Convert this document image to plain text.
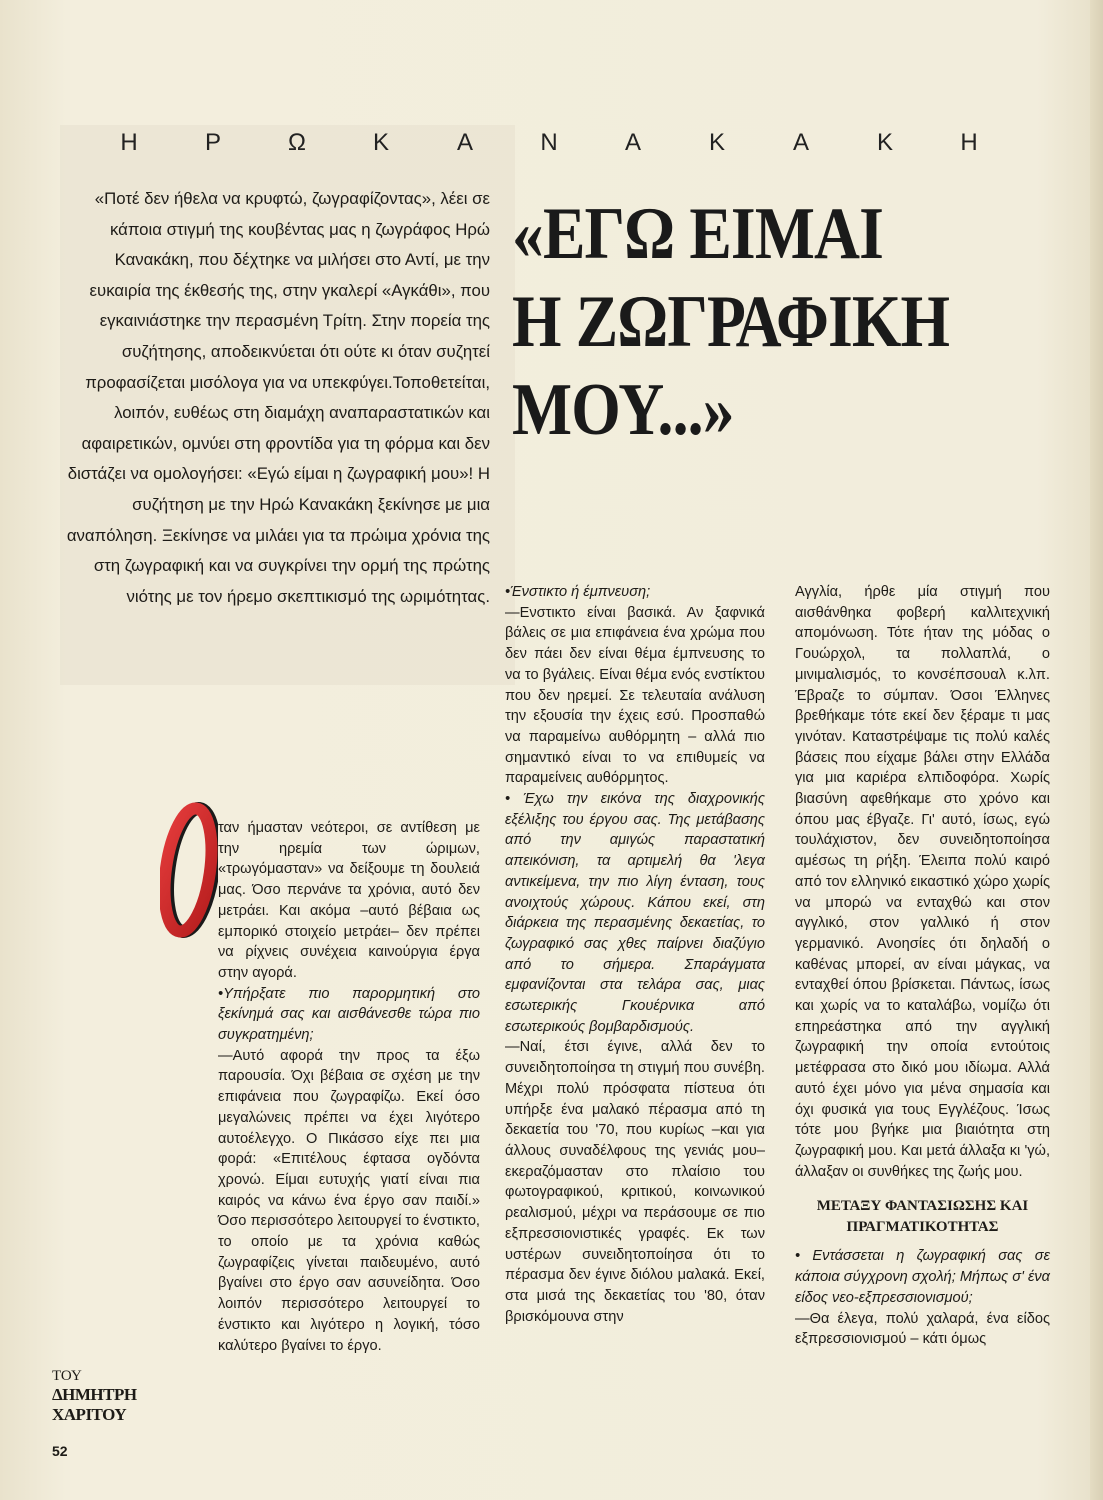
Η	Ρ	Ω	Κ	Α	Ν	Α	Κ	Α	Κ	Η

«Ποτέ δεν ήθελα να κρυφτώ, ζωγραφίζοντας», λέει σε κάποια στιγμή της κουβέντας μας η ζωγράφος Ηρώ Κανακάκη, που δέχτηκε να μιλήσει στο Αντί, με την ευκαιρία της έκθεσής της, στην γκαλερί «Αγκάθι», που εγκαινιάστηκε την περασμένη Τρίτη. Στην πορεία της συζήτησης, αποδεικνύεται ότι ούτε κι όταν συζητεί προφασίζεται μισόλογα για να υπεκφύγει.Τοποθετείται, λοιπόν, ευθέως στη διαμάχη αναπαραστατικών και αφαιρετικών, ομνύει στη φροντίδα για τη φόρμα και δεν διστάζει να ομολογήσει: «Εγώ είμαι η ζωγραφική μου»! Η συζήτηση με την Ηρώ Κανακάκη ξεκίνησε με μια αναπόληση. Ξεκίνησε να μιλάει για τα πρώιμα χρόνια της στη ζωγραφική και να συγκρίνει την ορμή της πρώτης νιότης με τον ήρεμο σκεπτικισμό της ωριμότητας.

«ΕΓΩ ΕΙΜΑΙ
Η ΖΩΓΡΑΦΙΚΗ
ΜΟΥ...»

ταν ήμασταν νεότεροι, σε αντίθεση με την ηρεμία των ώριμων, «τρωγόμασταν» να δείξουμε τη δουλειά μας. Όσο περνάνε τα χρόνια, αυτό δεν μετράει. Και ακόμα –αυτό βέβαια ως εμπορικό στοιχείο μετράει– δεν πρέπει να ρίχνεις συνέχεια καινούργια έργα στην αγορά.

•Υπήρξατε πιο παρορμητική στο ξεκίνημά σας και αισθάνεσθε τώρα πιο συγκρατημένη;

—Αυτό αφορά την προς τα έξω παρουσία. Όχι βέβαια σε σχέση με την επιφάνεια που ζωγραφίζω. Εκεί όσο μεγαλώνεις πρέπει να έχει λιγότερο αυτοέλεγχο. Ο Πικάσσο είχε πει μια φορά: «Επιτέλους έφτασα ογδόντα χρονώ. Είμαι ευτυχής γιατί είναι πια καιρός να κάνω ένα έργο σαν παιδί.» Όσο περισσότερο λειτουργεί το ένστικτο, το οποίο με τα χρόνια καθώς ζωγραφίζεις γίνεται παιδευμένο, αυτό βγαίνει στο έργο σαν ασυνείδητα. Όσο λοιπόν περισσότερο λειτουργεί το ένστικτο και λιγότερο η λογική, τόσο καλύτερο βγαίνει το έργο.

•Ένστικτο ή έμπνευση;

—Ενστικτο είναι βασικά. Αν ξαφνικά βάλεις σε μια επιφάνεια ένα χρώμα που δεν πάει δεν είναι θέμα έμπνευσης το να το βγάλεις. Είναι θέμα ενός ενστίκτου που δεν ηρεμεί. Σε τελευταία ανάλυση την εξουσία την έχεις εσύ. Προσπαθώ να παραμείνω αυθόρμητη – αλλά πιο σημαντικό είναι το να επιθυμείς να παραμείνεις αυθόρμητος.

• Έχω την εικόνα της διαχρονικής εξέλιξης του έργου σας. Της μετάβασης από την αμιγώς παραστατική απεικόνιση, τα αρτιμελή θα 'λεγα αντικείμενα, την πιο λίγη ένταση, τους ανοιχτούς χώρους. Κάπου εκεί, στη διάρκεια της περασμένης δεκαετίας, το ζωγραφικό σας χθες παίρνει διαζύγιο από το σήμερα. Σπαράγματα εμφανίζονται στα τελάρα σας, μιας εσωτερικής Γκουέρνικα από εσωτερικούς βομβαρδισμούς.

—Ναί, έτσι έγινε, αλλά δεν το συνειδητοποίησα τη στιγμή που συνέβη. Μέχρι πολύ πρόσφατα πίστευα ότι υπήρξε ένα μαλακό πέρασμα από τη δεκαετία του '70, που κυρίως –και για άλλους συναδέλφους της γενιάς μου– εκεραζόμασταν στο πλαίσιο του φωτογραφικού, κριτικού, κοινωνικού ρεαλισμού, μέχρι να περάσουμε σε πιο εξπρεσσιονιστικές γραφές. Εκ των υστέρων συνειδητοποίησα ότι το πέρασμα δεν έγινε διόλου μαλακά. Εκεί, στα μισά της δεκαετίας του '80, όταν βρισκόμουνα στην

Αγγλία, ήρθε μία στιγμή που αισθάνθηκα φοβερή καλλιτεχνική απομόνωση. Τότε ήταν της μόδας ο Γουώρχολ, τα πολλαπλά, ο μινιμαλισμός, το κονσέπσουαλ κ.λπ. Έβραζε το σύμπαν. Όσοι Έλληνες βρεθήκαμε τότε εκεί δεν ξέραμε τι μας γινόταν. Καταστρέψαμε τις πολύ καλές βάσεις που είχαμε βάλει στην Ελλάδα για μια καριέρα ελπιδοφόρα. Χωρίς βιασύνη αφεθήκαμε στο χρόνο και όπου μας έβγαζε. Γι' αυτό, ίσως, εγώ τουλάχιστον, δεν συνειδητοποίησα αμέσως τη ρήξη. Έλειπα πολύ καιρό από τον ελληνικό εικαστικό χώρο χωρίς να μπορώ να ενταχθώ και στον αγγλικό, στον γαλλικό ή στον γερμανικό. Ανοησίες ότι δηλαδή ο καθένας μπορεί, αν είναι μάγκας, να ενταχθεί όπου βρίσκεται. Πάντως, ίσως και χωρίς να το καταλάβω, νομίζω ότι επηρεάστηκα από την αγγλική ζωγραφική την οποία εντούτοις μετέφρασα στο δικό μου ιδίωμα. Αλλά αυτό έχει μόνο για μένα σημασία και όχι φυσικά για τους Εγγλέζους. Ίσως τότε μου βγήκε μια βιαιότητα στη ζωγραφική μου. Και μετά άλλαξα κι 'γώ, άλλαξαν οι συνθήκες της ζωής μου.

ΜΕΤΑΞΥ ΦΑΝΤΑΣΙΩΣΗΣ ΚΑΙ ΠΡΑΓΜΑΤΙΚΟΤΗΤΑΣ

• Εντάσσεται η ζωγραφική σας σε κάποια σύγχρονη σχολή; Μήπως σ' ένα είδος νεο-εξπρεσσιονισμού;

—Θα έλεγα, πολύ χαλαρά, ένα είδος εξπρεσσιονισμού – κάτι όμως

ΤΟΥ
ΔΗΜΗΤΡΗ
ΧΑΡΙΤΟΥ
52
